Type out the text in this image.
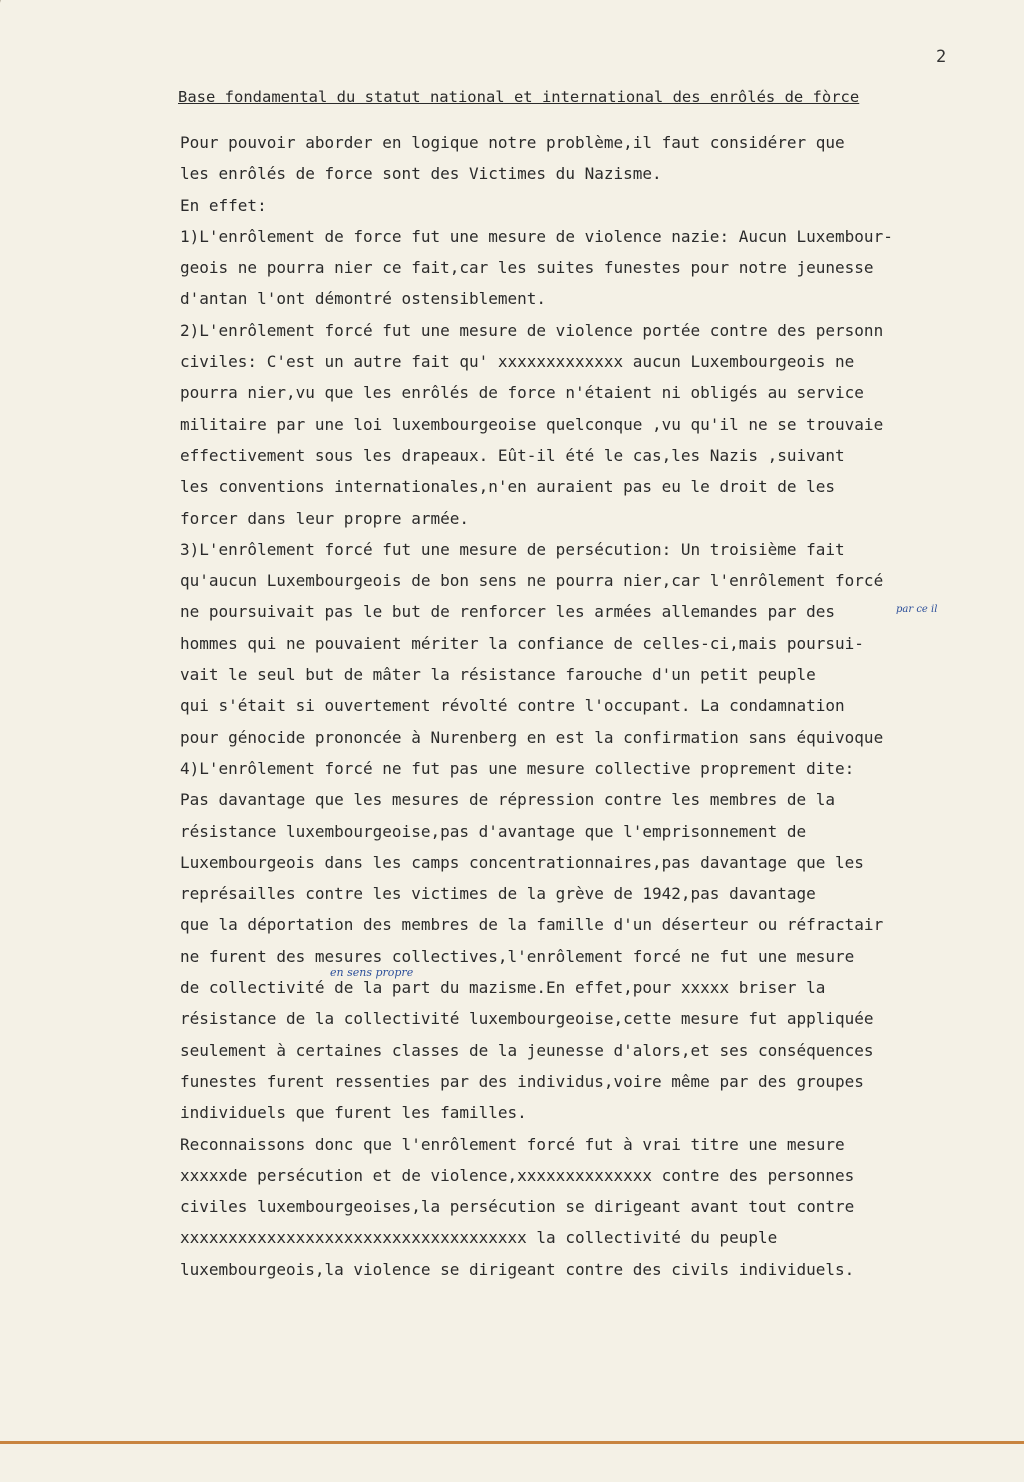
2
Base fondamental du statut national et international des enrôlés de fòrce
Pour pouvoir aborder en logique notre problème,il faut considérer que
les enrôlés de force sont des Victimes du Nazisme.
En effet:
1)L'enrôlement de force fut une mesure de violence nazie: Aucun Luxembour-
geois ne pourra nier ce fait,car les suites funestes pour notre jeunesse
d'antan l'ont démontré ostensiblement.
2)L'enrôlement forcé fut une mesure de violence portée contre des personn
civiles: C'est un autre fait qu' xxxxxxxxxxxxx aucun Luxembourgeois ne
pourra nier,vu que les enrôlés de force n'étaient ni obligés au service
militaire par une loi luxembourgeoise quelconque ,vu qu'il ne se trouvaie
effectivement sous les drapeaux. Eût-il été le cas,les Nazis ,suivant
les conventions internationales,n'en auraient pas eu le droit de les
forcer dans leur propre armée.
3)L'enrôlement forcé fut une mesure de persécution: Un troisième fait
qu'aucun Luxembourgeois de bon sens ne pourra nier,car l'enrôlement forcé
ne poursuivait pas le but de renforcer les armées allemandes par des
hommes qui ne pouvaient mériter la confiance de celles-ci,mais poursui-
vait le seul but de mâter la résistance farouche d'un petit peuple
qui s'était si ouvertement révolté contre l'occupant. La condamnation
pour génocide prononcée à Nurenberg en est la confirmation sans équivoque
4)L'enrôlement forcé ne fut pas une mesure collective proprement dite:
Pas davantage que les mesures de répression contre les membres de la
résistance luxembourgeoise,pas d'avantage que l'emprisonnement de
Luxembourgeois dans les camps concentrationnaires,pas davantage que les
représailles contre les victimes de la grève de 1942,pas davantage
que la déportation des membres de la famille d'un déserteur ou réfractair
ne furent des mesures collectives,l'enrôlement forcé ne fut une mesure
de collectivité de la part du mazisme.En effet,pour xxxxx briser la
résistance de la collectivité luxembourgeoise,cette mesure fut appliquée
seulement à certaines classes de la jeunesse d'alors,et ses conséquences
funestes furent ressenties par des individus,voire même par des groupes
individuels que furent les familles.
Reconnaissons donc que l'enrôlement forcé fut à vrai titre une mesure
xxxxxde persécution et de violence,xxxxxxxxxxxxxx contre des personnes
civiles luxembourgeoises,la persécution se dirigeant avant tout contre
xxxxxxxxxxxxxxxxxxxxxxxxxxxxxxxxxxxx la collectivité du peuple
luxembourgeois,la violence se dirigeant contre des civils individuels.
en sens propre
par ce il
